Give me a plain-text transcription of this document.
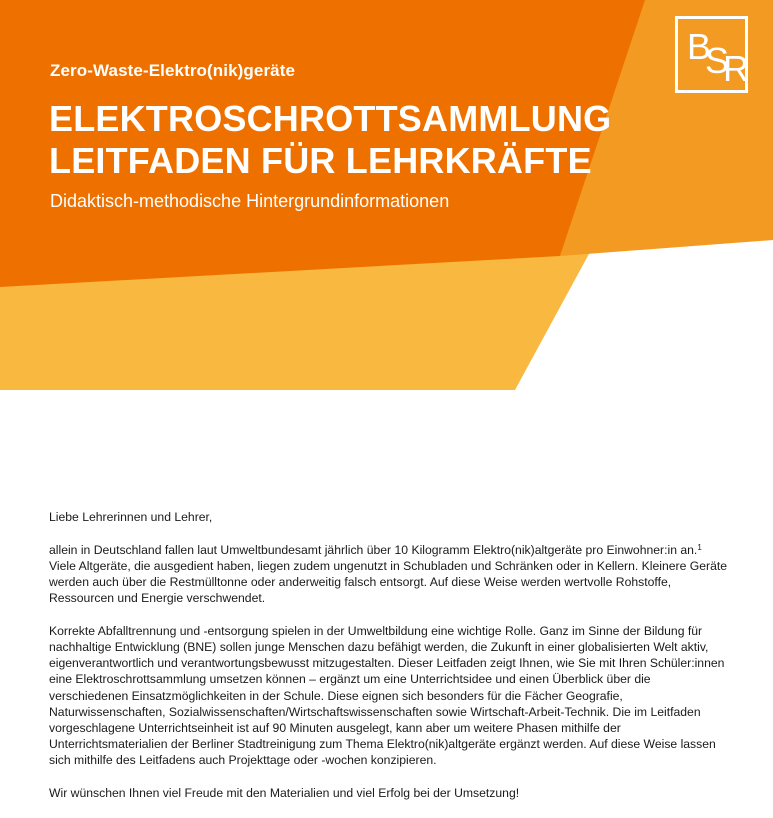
B
S
R
Zero-Waste-Elektro(nik)geräte
ELEKTROSCHROTTSAMMLUNG
LEITFADEN FÜR LEHRKRÄFTE
Didaktisch-methodische Hintergrundinformationen

Liebe Lehrerinnen und Lehrer,

allein in Deutschland fallen laut Umweltbundesamt jährlich über 10 Kilogramm Elektro(nik)altgeräte pro Einwohner:in an.$^1$ Viele Altgeräte, die ausgedient haben, liegen zudem ungenutzt in Schubladen und Schränken oder in Kellern. Kleinere Geräte werden auch über die Restmülltonne oder anderweitig falsch entsorgt. Auf diese Weise werden wertvolle Rohstoffe, Ressourcen und Energie verschwendet.

Korrekte Abfalltrennung und -entsorgung spielen in der Umweltbildung eine wichtige Rolle. Ganz im Sinne der Bildung für nachhaltige Entwicklung (BNE) sollen junge Menschen dazu befähigt werden, die Zukunft in einer globalisierten Welt aktiv, eigenverantwortlich und verantwortungsbewusst mitzugestalten. Dieser Leitfaden zeigt Ihnen, wie Sie mit Ihren Schüler:innen eine Elektroschrottsammlung umsetzen können – ergänzt um eine Unterrichtsidee und einen Überblick über die verschiedenen Einsatzmöglichkeiten in der Schule. Diese eignen sich besonders für die Fächer Geografie, Naturwissenschaften, Sozialwissenschaften/Wirtschaftswissenschaften sowie Wirtschaft-Arbeit-Technik. Die im Leitfaden vorgeschlagene Unterrichtseinheit ist auf 90 Minuten ausgelegt, kann aber um weitere Phasen mithilfe der Unterrichtsmaterialien der Berliner Stadtreinigung zum Thema Elektro(nik)altgeräte ergänzt werden. Auf diese Weise lassen sich mithilfe des Leitfadens auch Projekttage oder -wochen konzipieren.

Wir wünschen Ihnen viel Freude mit den Materialien und viel Erfolg bei der Umsetzung!
